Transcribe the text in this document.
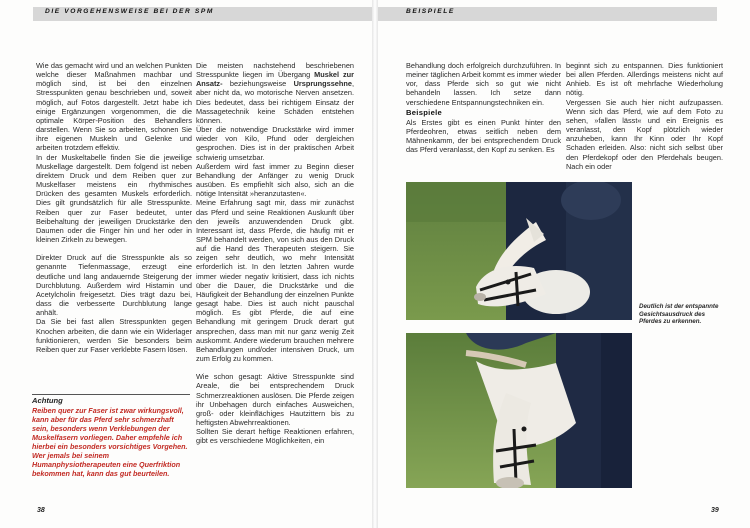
DIE VORGEHENSWEISE BEI DER SPM

Wie das gemacht wird und an welchen Punkten welche dieser Maßnahmen machbar und möglich sind, ist bei den einzelnen Stresspunkten genau beschrieben und, soweit möglich, auf Fotos dargestellt. Jetzt habe ich einige Ergänzungen vorgenommen, die die optimale Körper-Position des Behandlers darstellen. Wenn Sie so arbeiten, schonen Sie ihre eigenen Muskeln und Gelenke und arbeiten trotzdem effektiv.

In der Muskeltabelle finden Sie die jeweilige Muskellage dargestellt. Dem folgend ist neben direktem Druck und dem Reiben quer zur Muskelfaser meistens ein rhythmisches Drücken des gesamten Muskels erforderlich. Dies gilt grundsätzlich für alle Stresspunkte. Reiben quer zur Faser bedeutet, unter Beibehaltung der jeweiligen Druckstärke den Daumen oder die Finger hin und her oder in kleinen Zirkeln zu bewegen.

Direkter Druck auf die Stresspunkte als so genannte Tiefenmassage, erzeugt eine deutliche und lang andauernde Steigerung der Durchblutung. Außerdem wird Histamin und Acetylcholin freigesetzt. Dies trägt dazu bei, dass die verbesserte Durchblutung lange anhält.

Da Sie bei fast allen Stresspunkten gegen Knochen arbeiten, die dann wie ein Widerlager funktionieren, werden Sie besonders beim Reiben quer zur Faser verklebte Fasern lösen.

Achtung
Reiben quer zur Faser ist zwar wirkungsvoll, kann aber für das Pferd sehr schmerzhaft sein, besonders wenn Verklebungen der Muskelfasern vorliegen. Daher empfehle ich hierbei ein besonders vorsichtiges Vorgehen. Wer jemals bei seinem Humanphysiotherapeuten eine Querfriktion bekommen hat, kann das gut beurteilen.

Die meisten nachstehend beschriebenen Stresspunkte liegen im Übergang Muskel zur Ansatz- beziehungsweise Ursprungssehne, aber nicht da, wo motorische Nerven ansetzen. Dies bedeutet, dass bei richtigem Einsatz der Massagetechnik keine Schäden entstehen können.

Über die notwendige Druckstärke wird immer wieder von Kilo, Pfund oder dergleichen gesprochen. Dies ist in der praktischen Arbeit schwierig umsetzbar.

Außerdem wird fast immer zu Beginn dieser Behandlung der Anfänger zu wenig Druck ausüben. Es empfiehlt sich also, sich an die nötige Intensität »heranzutasten«.

Meine Erfahrung sagt mir, dass mir zunächst das Pferd und seine Reaktionen Auskunft über den jeweils anzuwendenden Druck gibt. Interessant ist, dass Pferde, die häufig mit er SPM behandelt werden, von sich aus den Druck auf die Hand des Therapeuten steigern. Sie zeigen sehr deutlich, wo mehr Intensität erforderlich ist. In den letzten Jahren wurde immer wieder negativ kritisiert, dass ich nichts über die Dauer, die Druckstärke und die Häufigkeit der Behandlung der einzelnen Punkte gesagt habe. Dies ist auch nicht pauschal möglich. Es gibt Pferde, die auf eine Behandlung mit geringem Druck derart gut ansprechen, dass man mit nur ganz wenig Zeit auskommt. Andere wiederum brauchen mehrere Behandlungen und/oder intensiven Druck, um zum Erfolg zu kommen.

Wie schon gesagt: Aktive Stresspunkte sind Areale, die bei entsprechendem Druck Schmerzreaktionen auslösen. Die Pferde zeigen ihr Unbehagen durch einfaches Ausweichen, groß- oder kleinflächiges Hautzittern bis zu heftigsten Abwehrreaktionen.

Sollten Sie derart heftige Reaktionen erfahren, gibt es verschiedene Möglichkeiten, ein

38
BEISPIELE

Behandlung doch erfolgreich durchzuführen. In meiner täglichen Arbeit kommt es immer wieder vor, dass Pferde sich so gut wie nicht behandeln lassen. Ich setze dann verschiedene Entspannungstechniken ein.

Beispiele

Als Erstes gibt es einen Punkt hinter den Pferdeohren, etwas seitlich neben dem Mähnenkamm, der bei entsprechendem Druck das Pferd veranlasst, den Kopf zu senken. Es

beginnt sich zu entspannen. Dies funktioniert bei allen Pferden. Allerdings meistens nicht auf Anhieb. Es ist oft mehrfache Wiederholung nötig.

Vergessen Sie auch hier nicht aufzupassen. Wenn sich das Pferd, wie auf dem Foto zu sehen, »fallen lässt« und ein Ereignis es veranlasst, den Kopf plötzlich wieder anzuheben, kann Ihr Kinn oder Ihr Kopf Schaden erleiden. Also: nicht sich selbst über den Pferdekopf oder den Pferdehals beugen. Nach ein oder

Deutlich ist der entspannte Gesichtsausdruck des Pferdes zu erkennen.
39
